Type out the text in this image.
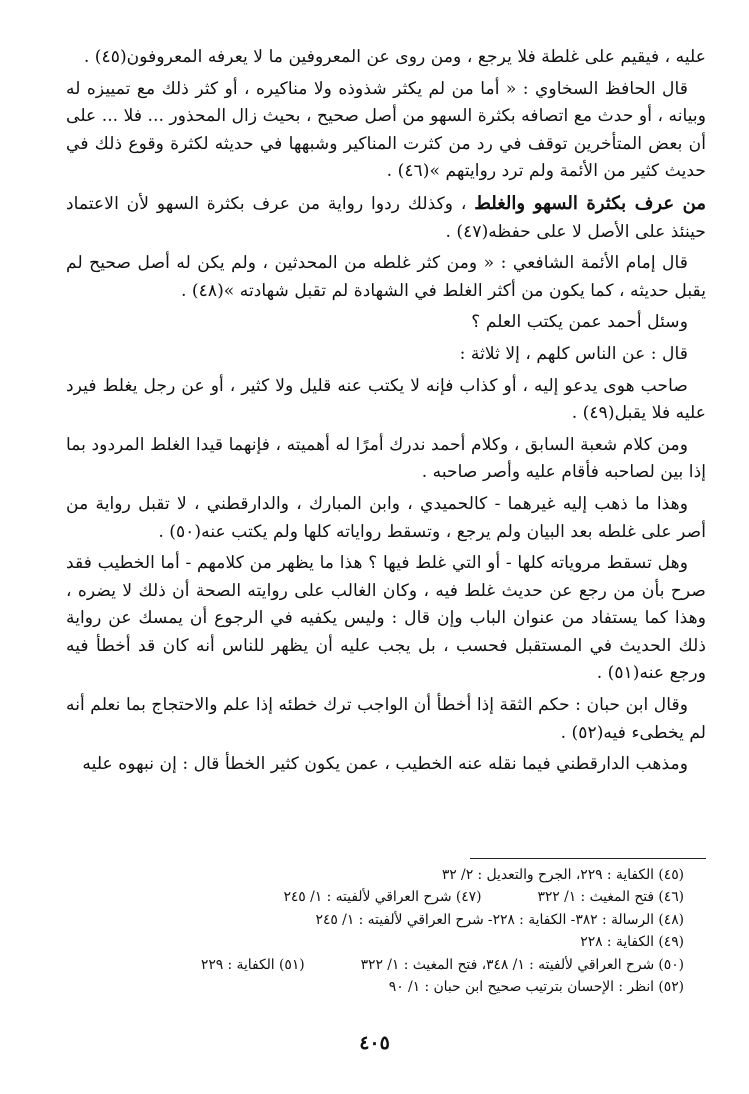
عليه ، فيقيم على غلطة فلا يرجع ، ومن روى عن المعروفين ما لا يعرفه المعروفون(٤٥) .

قال الحافظ السخاوي : « أما من لم يكثر شذوذه ولا مناكيره ، أو كثر ذلك مع تمييزه له وبيانه ، أو حدث مع اتصافه بكثرة السهو من أصل صحيح ، بحيث زال المحذور ... فلا ... على أن بعض المتأخرين توقف في رد من كثرت المناكير وشبهها في حديثه لكثرة وقوع ذلك في حديث كثير من الأئمة ولم ترد روايتهم »(٤٦) .

من عرف بكثرة السهو والغلط ، وكذلك ردوا رواية من عرف بكثرة السهو لأن الاعتماد حينئذ على الأصل لا على حفظه(٤٧) .

قال إمام الأئمة الشافعي : « ومن كثر غلطه من المحدثين ، ولم يكن له أصل صحيح لم يقبل حديثه ، كما يكون من أكثر الغلط في الشهادة لم تقبل شهادته »(٤٨) .

وسئل أحمد عمن يكتب العلم ؟

قال : عن الناس كلهم ، إلا ثلاثة :

صاحب هوى يدعو إليه ، أو كذاب فإنه لا يكتب عنه قليل ولا كثير ، أو عن رجل يغلط فيرد عليه فلا يقبل(٤٩) .

ومن كلام شعبة السابق ، وكلام أحمد ندرك أمرًا له أهميته ، فإنهما قيدا الغلط المردود بما إذا بين لصاحبه فأقام عليه وأصر صاحبه .

وهذا ما ذهب إليه غيرهما - كالحميدي ، وابن المبارك ، والدارقطني ، لا تقبل رواية من أصر على غلطه بعد البيان ولم يرجع ، وتسقط رواياته كلها ولم يكتب عنه(٥٠) .

وهل تسقط مروياته كلها - أو التي غلط فيها ؟ هذا ما يظهر من كلامهم - أما الخطيب فقد صرح بأن من رجع عن حديث غلط فيه ، وكان الغالب على روايته الصحة أن ذلك لا يضره ، وهذا كما يستفاد من عنوان الباب وإن قال : وليس يكفيه في الرجوع أن يمسك عن رواية ذلك الحديث في المستقبل فحسب ، بل يجب عليه أن يظهر للناس أنه كان قد أخطأ فيه ورجع عنه(٥١) .

وقال ابن حبان : حكم الثقة إذا أخطأ أن الواجب ترك خطئه إذا علم والاحتجاج بما نعلم أنه لم يخطىء فيه(٥٢) .

ومذهب الدارقطني فيما نقله عنه الخطيب ، عمن يكون كثير الخطأ قال : إن نبهوه عليه

(٤٥) الكفاية : ٢٢٩، الجرح والتعديل : ٢/ ٣٢
(٤٦) فتح المغيث : ١/ ٣٢٢
(٤٧) شرح العراقي لألفيته : ١/ ٢٤٥
(٤٨) الرسالة : ٣٨٢- الكفاية : ٢٢٨- شرح العراقي لألفيته : ١/ ٢٤٥
(٤٩) الكفاية : ٢٢٨
(٥٠) شرح العراقي لألفيته : ١/ ٣٤٨، فتح المغيث : ١/ ٣٢٢
(٥١) الكفاية : ٢٢٩
(٥٢) انظر : الإحسان بترتيب صحيح ابن حبان : ١/ ٩٠
٤٠٥
